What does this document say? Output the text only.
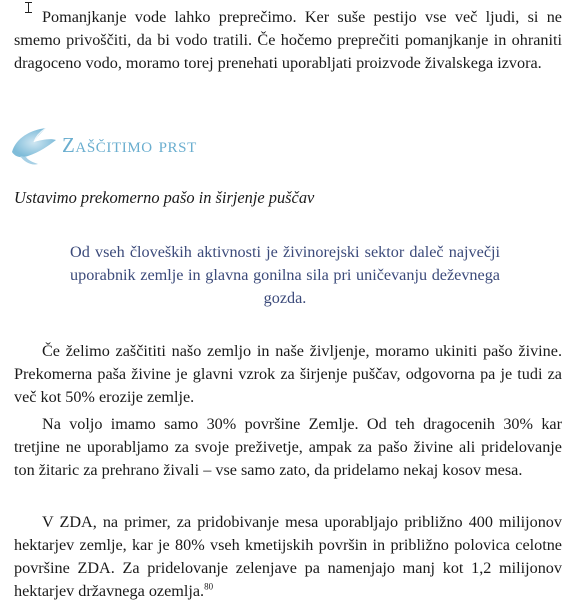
Pomanjkanje vode lahko preprečimo. Ker suše pestijo vse več ljudi, si ne smemo privoščiti, da bi vodo tratili. Če hočemo preprečiti pomanjkanje in ohraniti dragoceno vodo, moramo torej prenehati uporabljati proizvode živalskega izvora.

Zaščitimo prst

Ustavimo prekomerno pašo in širjenje puščav

Od vseh človeških aktivnosti je živinorejski sektor daleč največji uporabnik zemlje in glavna gonilna sila pri uničevanju deževnega gozda.

Če želimo zaščititi našo zemljo in naše življenje, moramo ukiniti pašo živine. Prekomerna paša živine je glavni vzrok za širjenje puščav, odgovorna pa je tudi za več kot 50% erozije zemlje.

Na voljo imamo samo 30% površine Zemlje. Od teh dragocenih 30% kar tretjine ne uporabljamo za svoje preživetje, ampak za pašo živine ali pridelovanje ton žitaric za prehrano živali – vse samo zato, da pridelamo nekaj kosov mesa.

V ZDA, na primer, za pridobivanje mesa uporabljajo približno 400 milijonov hektarjev zemlje, kar je 80% vseh kmetijskih površin in približno polovica celotne površine ZDA. Za pridelovanje zelenjave pa namenjajo manj kot 1,2 milijonov hektarjev državnega ozemlja.$^{80}$
